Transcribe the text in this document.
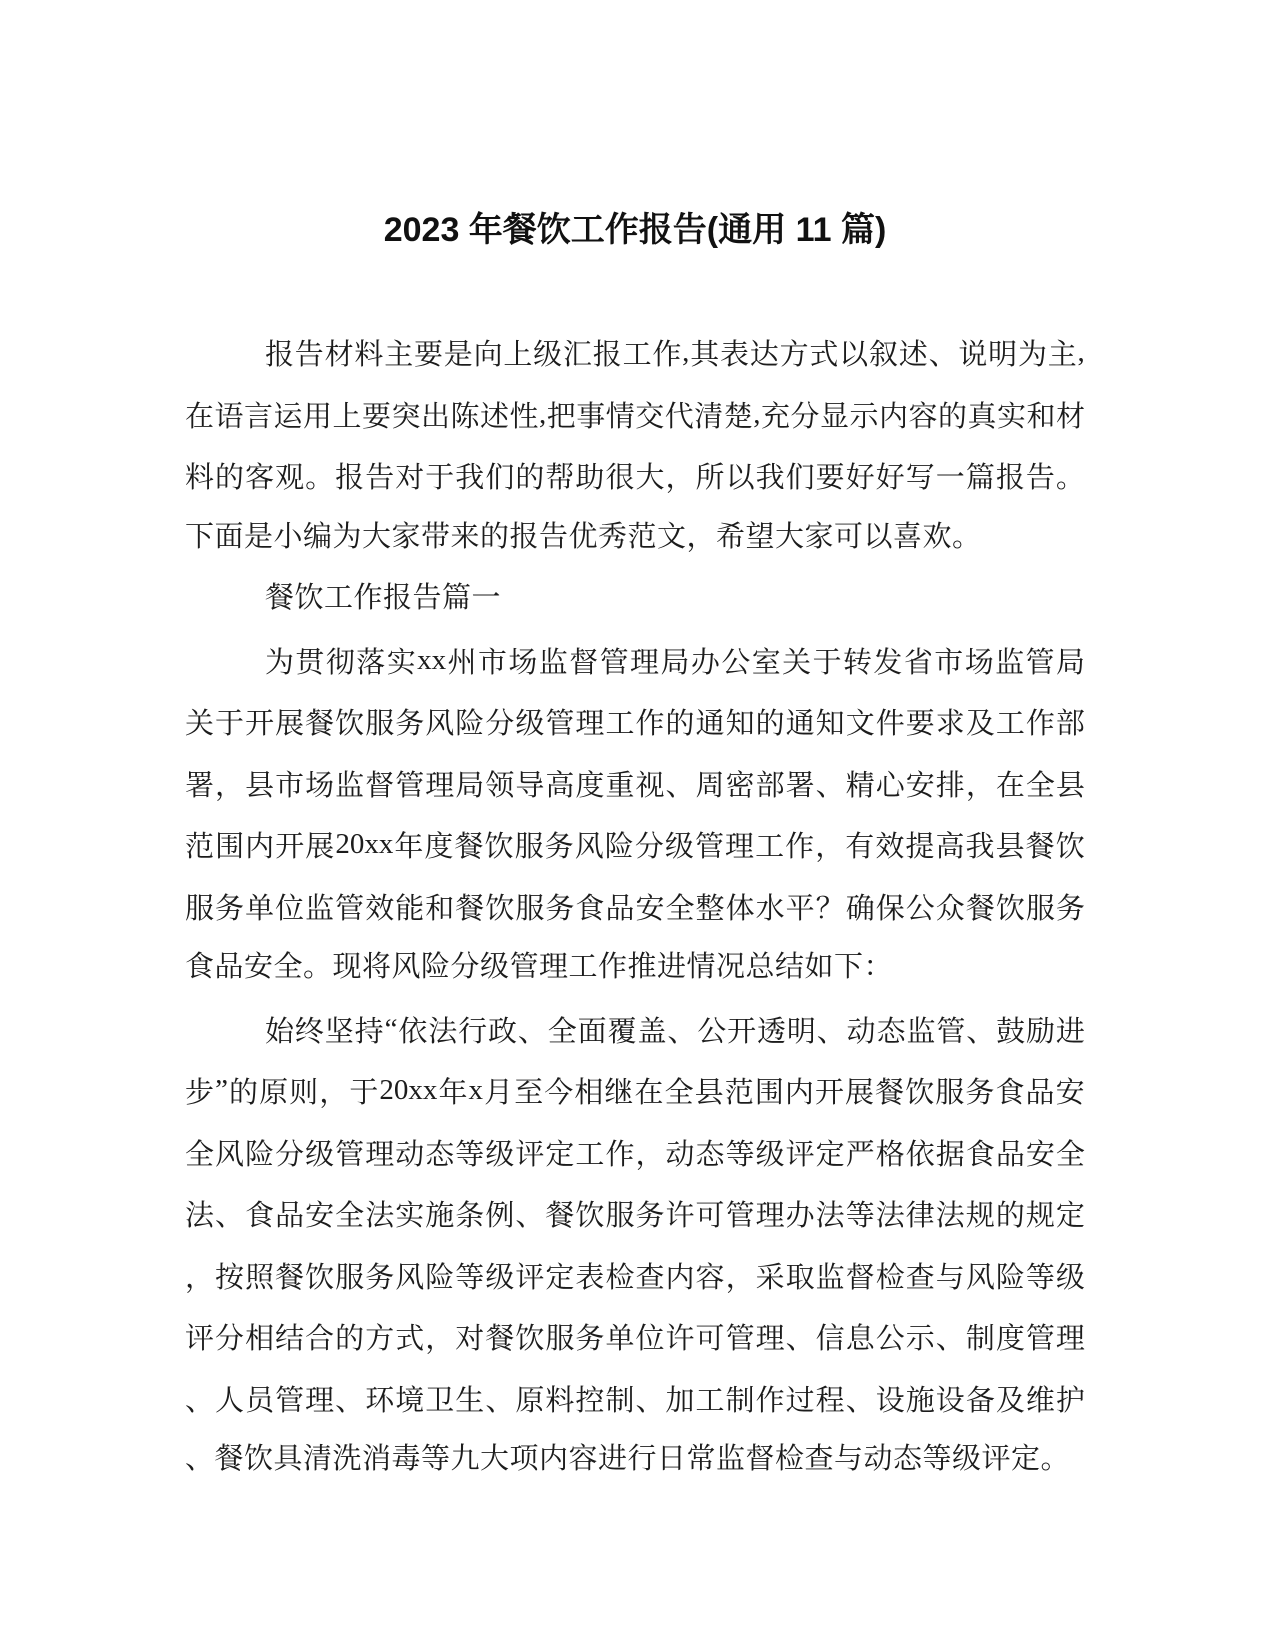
2023 年餐饮工作报告(通用 11 篇)
报 告 材 料 主 要 是 向 上 级 汇 报 工 作 , 其 表 达 方 式 以 叙 述 、 说 明 为 主 ,
在 语 言 运 用 上 要 突 出 陈 述 性 , 把 事 情 交 代 清 楚 , 充 分 显 示 内 容 的 真 实 和 材
料 的 客 观 。 报 告 对 于 我 们 的 帮 助 很 大 ， 所 以 我 们 要 好 好 写 一 篇 报 告 。
下面是小编为大家带来的报告优秀范文，希望大家可以喜欢。
餐饮工作报告篇一
为 贯 彻 落 实 xx 州 市 场 监 督 管 理 局 办 公 室 关 于 转 发 省 市 场 监 管 局
关 于 开 展 餐 饮 服 务 风 险 分 级 管 理 工 作 的 通 知 的 通 知 文 件 要 求 及 工 作 部
署 ， 县 市 场 监 督 管 理 局 领 导 高 度 重 视 、 周 密 部 署 、 精 心 安 排 ， 在 全 县
范 围 内 开 展 20xx 年 度 餐 饮 服 务 风 险 分 级 管 理 工 作 ， 有 效 提 高 我 县 餐 饮
服 务 单 位 监 管 效 能 和 餐 饮 服 务 食 品 安 全 整 体 水 平 ？ 确 保 公 众 餐 饮 服 务
食品安全。现将风险分级管理工作推进情况总结如下：
始 终 坚 持 “ 依 法 行 政 、 全 面 覆 盖 、 公 开 透 明 、 动 态 监 管 、 鼓 励 进
步 ” 的 原 则 ， 于 20xx 年 x 月 至 今 相 继 在 全 县 范 围 内 开 展 餐 饮 服 务 食 品 安
全 风 险 分 级 管 理 动 态 等 级 评 定 工 作 ， 动 态 等 级 评 定 严 格 依 据 食 品 安 全
法 、 食 品 安 全 法 实 施 条 例 、 餐 饮 服 务 许 可 管 理 办 法 等 法 律 法 规 的 规 定
， 按 照 餐 饮 服 务 风 险 等 级 评 定 表 检 查 内 容 ， 采 取 监 督 检 查 与 风 险 等 级
评 分 相 结 合 的 方 式 ， 对 餐 饮 服 务 单 位 许 可 管 理 、 信 息 公 示 、 制 度 管 理
、 人 员 管 理 、 环 境 卫 生 、 原 料 控 制 、 加 工 制 作 过 程 、 设 施 设 备 及 维 护
、餐饮具清洗消毒等九大项内容进行日常监督检查与动态等级评定。
